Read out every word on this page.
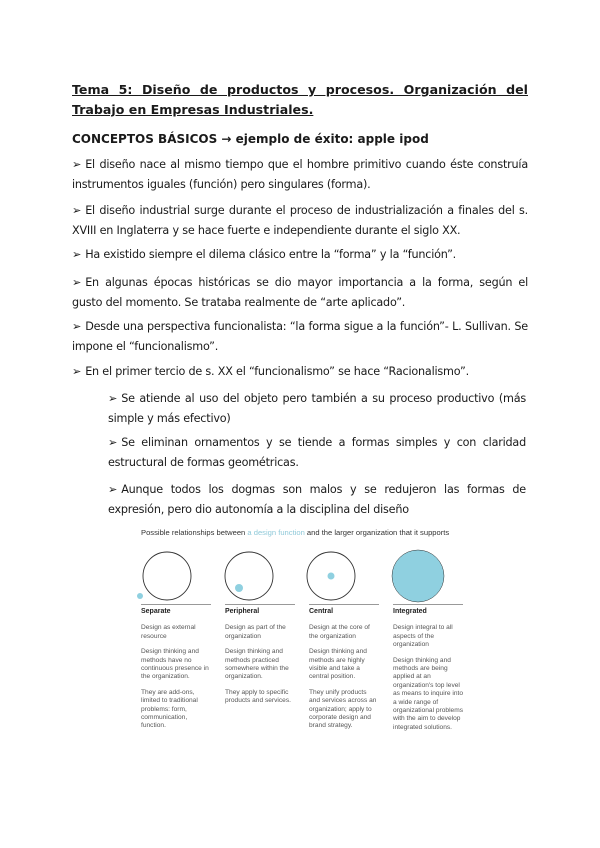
Tema 5: Diseño de productos y procesos. Organización del Trabajo en Empresas Industriales.
CONCEPTOS BÁSICOS → ejemplo de éxito: apple ipod
➢ El diseño nace al mismo tiempo que el hombre primitivo cuando éste construía instrumentos iguales (función) pero singulares (forma).
➢ El diseño industrial surge durante el proceso de industrialización a finales del s. XVIII en Inglaterra y se hace fuerte e independiente durante el siglo XX.
➢ Ha existido siempre el dilema clásico entre la “forma” y la “función”.
➢ En algunas épocas históricas se dio mayor importancia a la forma, según el gusto del momento. Se trataba realmente de “arte aplicado”.
➢ Desde una perspectiva funcionalista: “la forma sigue a la función”- L. Sullivan. Se impone el “funcionalismo”.
➢ En el primer tercio de s. XX el “funcionalismo” se hace “Racionalismo”.
➢ Se atiende al uso del objeto pero también a su proceso productivo (más simple y más efectivo)
➢ Se eliminan ornamentos y se tiende a formas simples y con claridad estructural de formas geométricas.
➢ Aunque todos los dogmas son malos y se redujeron las formas de expresión, pero dio autonomía a la disciplina del diseño
Possible relationships between a design function and the larger organization that it supports
Separate
Design as external resource
Design thinking and methods have no continuous presence in the organization.
They are add-ons, limited to traditional problems: form, communication, function.
Peripheral
Design as part of the organization
Design thinking and methods practiced somewhere within the organization.
They apply to specific products and services.
Central
Design at the core of the organization
Design thinking and methods are highly visible and take a central position.
They unify products and services across an organization; apply to corporate design and brand strategy.
Integrated
Design integral to all aspects of the organization
Design thinking and methods are being applied at an organization's top level as means to inquire into a wide range of organizational problems with the aim to develop integrated solutions.
